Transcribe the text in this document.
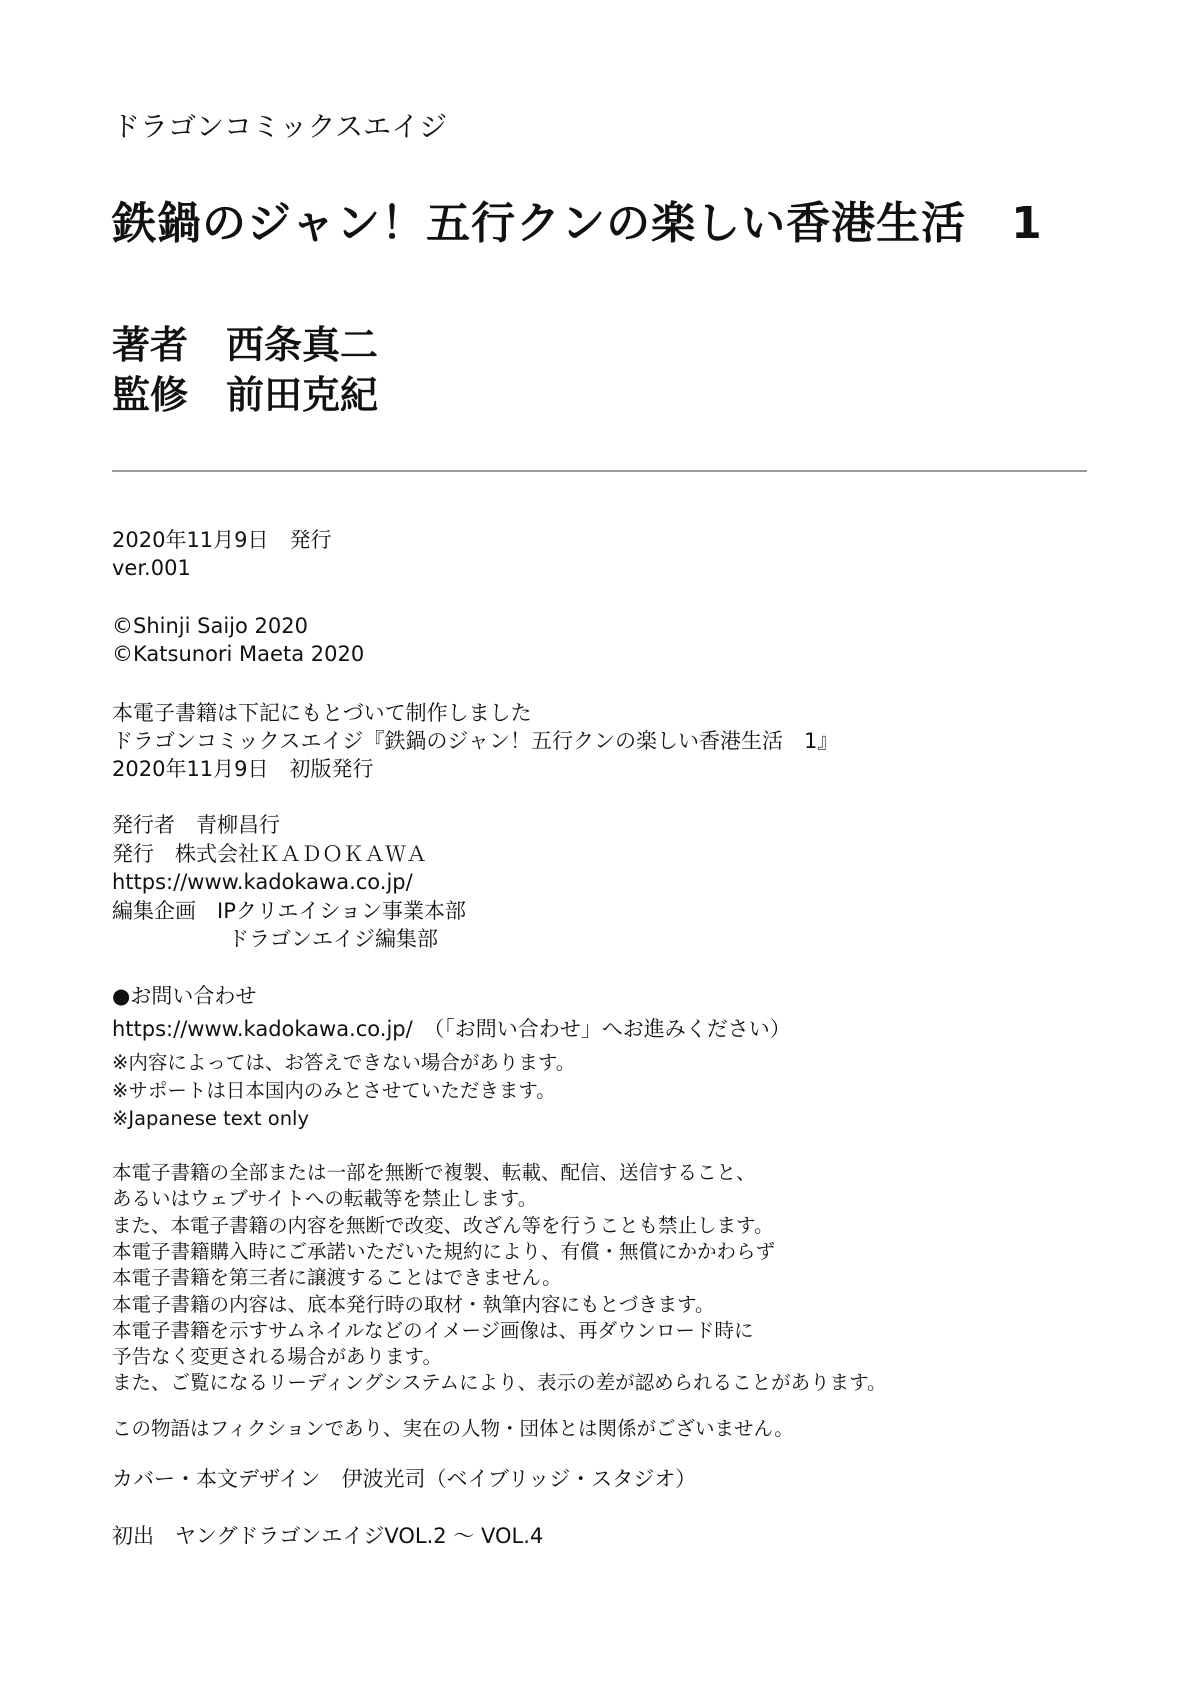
ドラゴンコミックスエイジ
鉄鍋のジャン！五行クンの楽しい香港生活　1
著者　西条真二
監修　前田克紀
2020年11月9日　発行
ver.001
©Shinji Saijo 2020
©Katsunori Maeta 2020
本電子書籍は下記にもとづいて制作しました
ドラゴンコミックスエイジ『鉄鍋のジャン！五行クンの楽しい香港生活　1』
2020年11月9日　初版発行
発行者　青柳昌行
発行　株式会社ＫＡＤＯＫＡＷＡ
https://www.kadokawa.co.jp/
編集企画　IPクリエイション事業本部
ドラゴンエイジ編集部
●お問い合わせ
https://www.kadokawa.co.jp/　（「お問い合わせ」へお進みください）
※内容によっては、お答えできない場合があります。
※サポートは日本国内のみとさせていただきます。
※Japanese text only
本電子書籍の全部または一部を無断で複製、転載、配信、送信すること、
あるいはウェブサイトへの転載等を禁止します。
また、本電子書籍の内容を無断で改変、改ざん等を行うことも禁止します。
本電子書籍購入時にご承諾いただいた規約により、有償・無償にかかわらず
本電子書籍を第三者に譲渡することはできません。
本電子書籍の内容は、底本発行時の取材・執筆内容にもとづきます。
本電子書籍を示すサムネイルなどのイメージ画像は、再ダウンロード時に
予告なく変更される場合があります。
また、ご覧になるリーディングシステムにより、表示の差が認められることがあります。
この物語はフィクションであり、実在の人物・団体とは関係がございません。
カバー・本文デザイン　伊波光司（ベイブリッジ・スタジオ）
初出　ヤングドラゴンエイジVOL.2 ～ VOL.4
